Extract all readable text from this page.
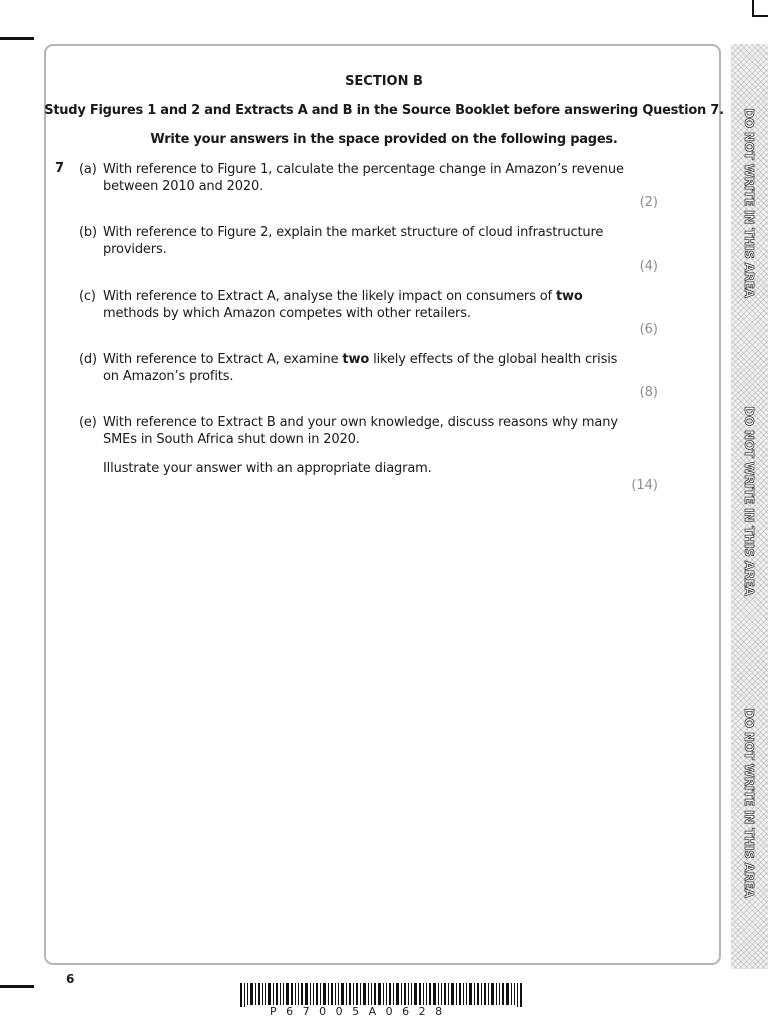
DO NOT WRITE IN THIS AREA
DO NOT WRITE IN THIS AREA
DO NOT WRITE IN THIS AREA
SECTION B
Study Figures 1 and 2 and Extracts A and B in the Source Booklet before answering Question 7.
Write your answers in the space provided on the following pages.
7 (a) With reference to Figure 1, calculate the percentage change in Amazon’s revenue
between 2010 and 2020.
(2)
(b) With reference to Figure 2, explain the market structure of cloud infrastructure
providers.
(4)
(c) With reference to Extract A, analyse the likely impact on consumers of two
methods by which Amazon competes with other retailers.
(6)
(d) With reference to Extract A, examine two likely effects of the global health crisis
on Amazon’s profits.
(8)
(e) With reference to Extract B and your own knowledge, discuss reasons why many
SMEs in South Africa shut down in 2020.
Illustrate your answer with an appropriate diagram.
(14)
6
P67005A0628
